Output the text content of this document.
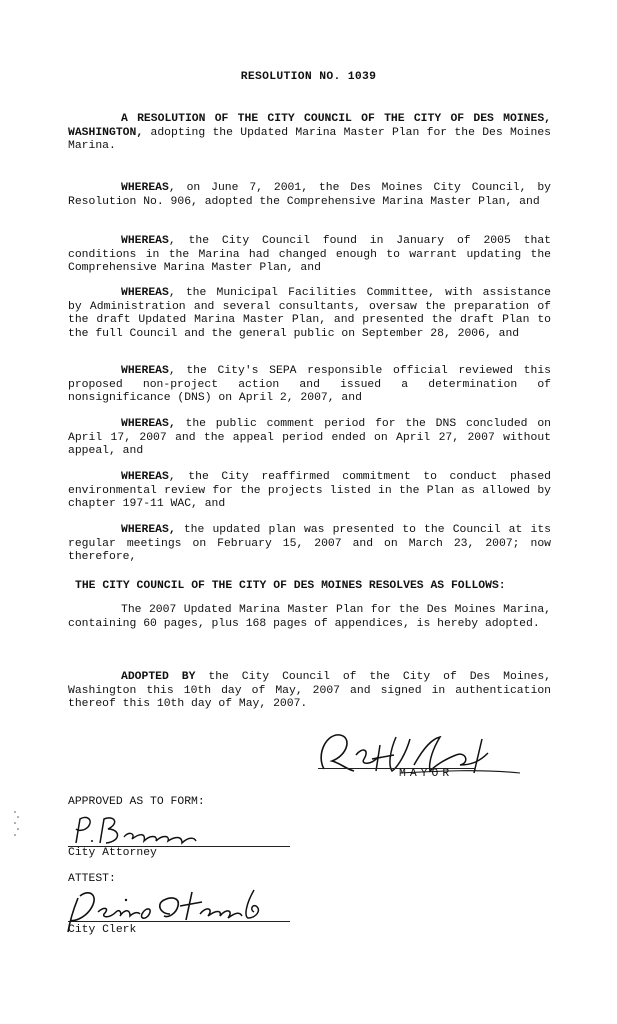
RESOLUTION NO. 1039

A RESOLUTION OF THE CITY COUNCIL OF THE CITY OF DES MOINES, WASHINGTON, adopting the Updated Marina Master Plan for the Des Moines Marina.

WHEREAS, on June 7, 2001, the Des Moines City Council, by Resolution No. 906, adopted the Comprehensive Marina Master Plan, and

WHEREAS, the City Council found in January of 2005 that conditions in the Marina had changed enough to warrant updating the Comprehensive Marina Master Plan, and

WHEREAS, the Municipal Facilities Committee, with assistance by Administration and several consultants, oversaw the preparation of the draft Updated Marina Master Plan, and presented the draft Plan to the full Council and the general public on September 28, 2006, and

WHEREAS, the City's SEPA responsible official reviewed this proposed non-project action and issued a determination of nonsignificance (DNS) on April 2, 2007, and

WHEREAS, the public comment period for the DNS concluded on April 17, 2007 and the appeal period ended on April 27, 2007 without appeal, and

WHEREAS, the City reaffirmed commitment to conduct phased environmental review for the projects listed in the Plan as allowed by chapter 197-11 WAC, and

WHEREAS, the updated plan was presented to the Council at its regular meetings on February 15, 2007 and on March 23, 2007; now therefore,

THE CITY COUNCIL OF THE CITY OF DES MOINES RESOLVES AS FOLLOWS:

The 2007 Updated Marina Master Plan for the Des Moines Marina, containing 60 pages, plus 168 pages of appendices, is hereby adopted.

ADOPTED BY the City Council of the City of Des Moines, Washington this 10th day of May, 2007 and signed in authentication thereof this 10th day of May, 2007.

MAYOR
APPROVED AS TO FORM:
City Attorney
ATTEST:
City Clerk
